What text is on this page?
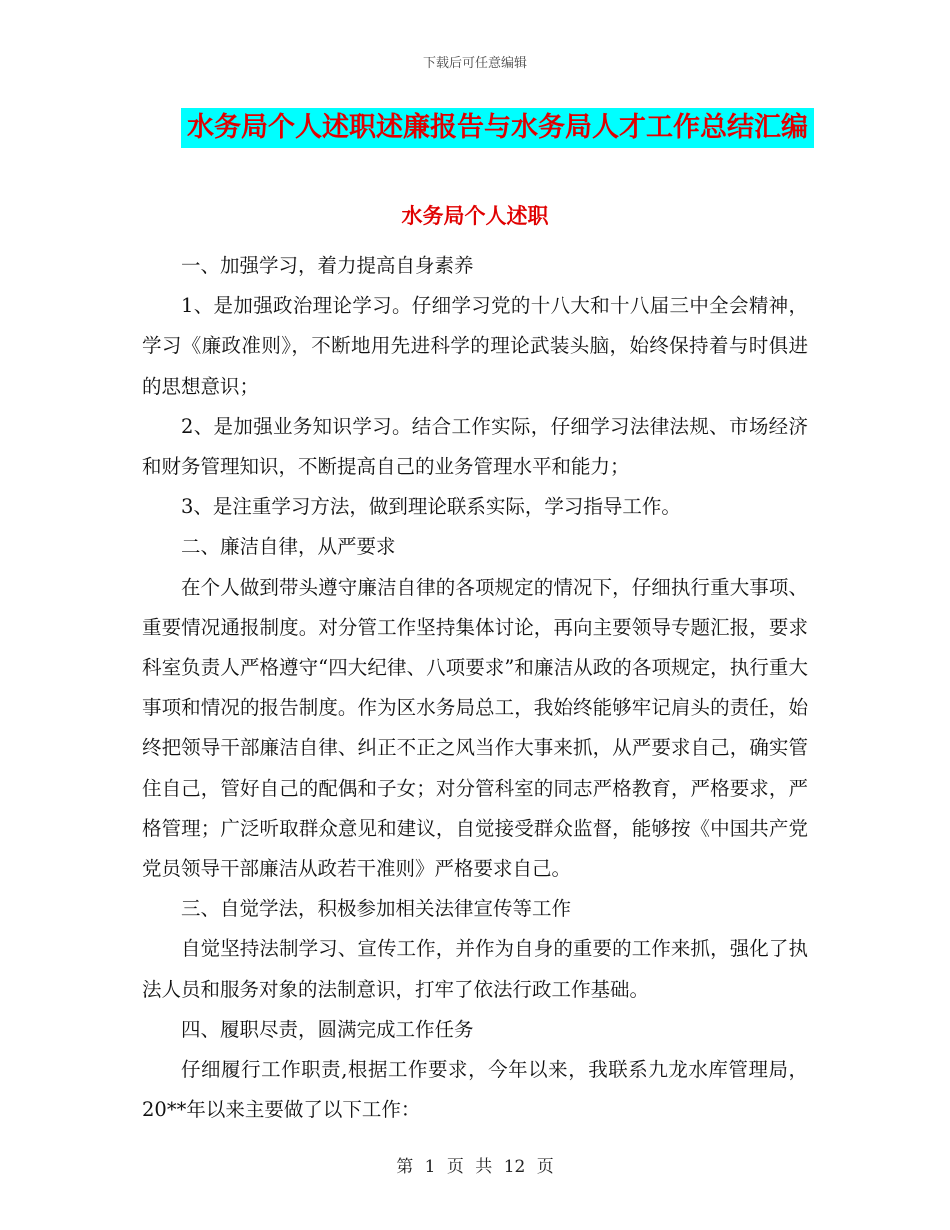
下载后可任意编辑
水务局个人述职述廉报告与水务局人才工作总结汇编
水务局个人述职

一、加强学习，着力提高自身素养

1、是加强政治理论学习。仔细学习党的十八大和十八届三中全会精神，学习《廉政准则》，不断地用先进科学的理论武装头脑，始终保持着与时俱进的思想意识；

2、是加强业务知识学习。结合工作实际，仔细学习法律法规、市场经济和财务管理知识，不断提高自己的业务管理水平和能力；

3、是注重学习方法，做到理论联系实际，学习指导工作。

二、廉洁自律，从严要求

在个人做到带头遵守廉洁自律的各项规定的情况下，仔细执行重大事项、重要情况通报制度。对分管工作坚持集体讨论，再向主要领导专题汇报，要求科室负责人严格遵守“四大纪律、八项要求”和廉洁从政的各项规定，执行重大事项和情况的报告制度。作为区水务局总工，我始终能够牢记肩头的责任，始终把领导干部廉洁自律、纠正不正之风当作大事来抓，从严要求自己，确实管住自己，管好自己的配偶和子女；对分管科室的同志严格教育，严格要求，严格管理；广泛听取群众意见和建议，自觉接受群众监督，能够按《中国共产党党员领导干部廉洁从政若干准则》严格要求自己。

三、自觉学法，积极参加相关法律宣传等工作

自觉坚持法制学习、宣传工作，并作为自身的重要的工作来抓，强化了执法人员和服务对象的法制意识，打牢了依法行政工作基础。

四、履职尽责，圆满完成工作任务

仔细履行工作职责,根据工作要求，今年以来，我联系九龙水库管理局，20**年以来主要做了以下工作：

第 1 页 共 12 页
